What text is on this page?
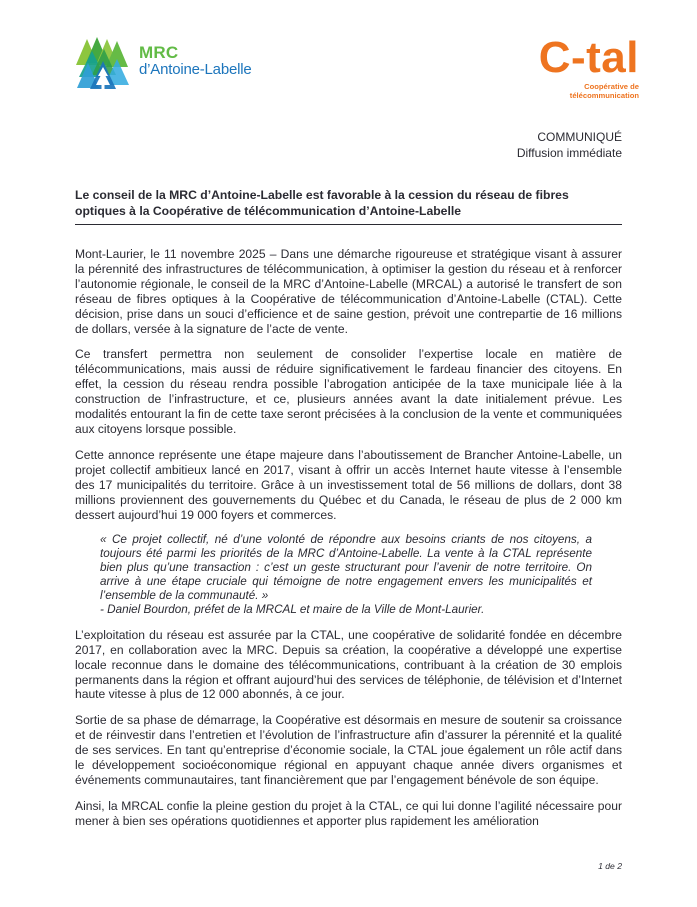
MRC
d’Antoine-Labelle	C-tal
Coopérative de
télécommunication
COMMUNIQUÉ
Diffusion immédiate
Le conseil de la MRC d’Antoine-Labelle est favorable à la cession du réseau de fibres optiques à la Coopérative de télécommunication d’Antoine-Labelle

Mont-Laurier, le 11 novembre 2025 – Dans une démarche rigoureuse et stratégique visant à assurer la pérennité des infrastructures de télécommunication, à optimiser la gestion du réseau et à renforcer l’autonomie régionale, le conseil de la MRC d’Antoine-Labelle (MRCAL) a autorisé le transfert de son réseau de fibres optiques à la Coopérative de télécommunication d’Antoine-Labelle (CTAL). Cette décision, prise dans un souci d’efficience et de saine gestion, prévoit une contrepartie de 16 millions de dollars, versée à la signature de l’acte de vente.

Ce transfert permettra non seulement de consolider l’expertise locale en matière de télécommunications, mais aussi de réduire significativement le fardeau financier des citoyens. En effet, la cession du réseau rendra possible l’abrogation anticipée de la taxe municipale liée à la construction de l’infrastructure, et ce, plusieurs années avant la date initialement prévue. Les modalités entourant la fin de cette taxe seront précisées à la conclusion de la vente et communiquées aux citoyens lorsque possible.

Cette annonce représente une étape majeure dans l’aboutissement de Brancher Antoine-Labelle, un projet collectif ambitieux lancé en 2017, visant à offrir un accès Internet haute vitesse à l’ensemble des 17 municipalités du territoire. Grâce à un investissement total de 56 millions de dollars, dont 38 millions proviennent des gouvernements du Québec et du Canada, le réseau de plus de 2 000 km dessert aujourd’hui 19 000 foyers et commerces.

« Ce projet collectif, né d’une volonté de répondre aux besoins criants de nos citoyens, a toujours été parmi les priorités de la MRC d’Antoine-Labelle. La vente à la CTAL représente bien plus qu’une transaction : c’est un geste structurant pour l’avenir de notre territoire. On arrive à une étape cruciale qui témoigne de notre engagement envers les municipalités et l’ensemble de la communauté. »

- Daniel Bourdon, préfet de la MRCAL et maire de la Ville de Mont-Laurier.

L’exploitation du réseau est assurée par la CTAL, une coopérative de solidarité fondée en décembre 2017, en collaboration avec la MRC. Depuis sa création, la coopérative a développé une expertise locale reconnue dans le domaine des télécommunications, contribuant à la création de 30 emplois permanents dans la région et offrant aujourd’hui des services de téléphonie, de télévision et d’Internet haute vitesse à plus de 12 000 abonnés, à ce jour.

Sortie de sa phase de démarrage, la Coopérative est désormais en mesure de soutenir sa croissance et de réinvestir dans l’entretien et l’évolution de l’infrastructure afin d’assurer la pérennité et la qualité de ses services. En tant qu’entreprise d’économie sociale, la CTAL joue également un rôle actif dans le développement socioéconomique régional en appuyant chaque année divers organismes et événements communautaires, tant financièrement que par l’engagement bénévole de son équipe.

Ainsi, la MRCAL confie la pleine gestion du projet à la CTAL, ce qui lui donne l’agilité nécessaire pour mener à bien ses opérations quotidiennes et apporter plus rapidement les amélioration

1 de 2
